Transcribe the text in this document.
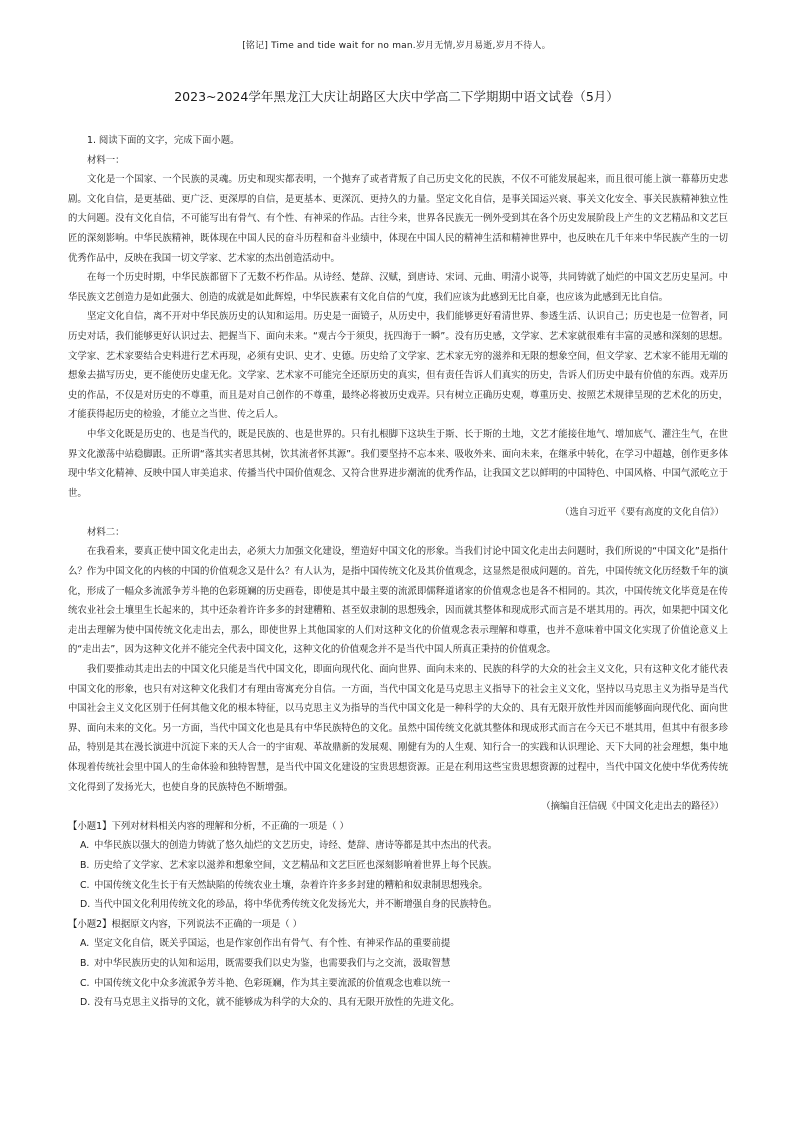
[铭记] Time and tide wait for no man.岁月无情,岁月易逝,岁月不待人。
2023~2024学年黑龙江大庆让胡路区大庆中学高二下学期期中语文试卷（5月）

1. 阅读下面的文字，完成下面小题。

材料一：

文化是一个国家、一个民族的灵魂。历史和现实都表明，一个抛弃了或者背叛了自己历史文化的民族，不仅不可能发展起来，而且很可能上演一幕幕历史悲剧。文化自信，是更基础、更广泛、更深厚的自信，是更基本、更深沉、更持久的力量。坚定文化自信，是事关国运兴衰、事关文化安全、事关民族精神独立性的大问题。没有文化自信，不可能写出有骨气、有个性、有神采的作品。古往今来，世界各民族无一例外受到其在各个历史发展阶段上产生的文艺精品和文艺巨匠的深刻影响。中华民族精神，既体现在中国人民的奋斗历程和奋斗业绩中，体现在中国人民的精神生活和精神世界中，也反映在几千年来中华民族产生的一切优秀作品中，反映在我国一切文学家、艺术家的杰出创造活动中。

在每一个历史时期，中华民族都留下了无数不朽作品。从诗经、楚辞、汉赋，到唐诗、宋词、元曲、明清小说等，共同铸就了灿烂的中国文艺历史星河。中华民族文艺创造力是如此强大、创造的成就是如此辉煌，中华民族素有文化自信的气度，我们应该为此感到无比自豪，也应该为此感到无比自信。

坚定文化自信，离不开对中华民族历史的认知和运用。历史是一面镜子，从历史中，我们能够更好看清世界、参透生活、认识自己；历史也是一位智者，同历史对话，我们能够更好认识过去、把握当下、面向未来。“观古今于须臾，抚四海于一瞬”。没有历史感，文学家、艺术家就很难有丰富的灵感和深刻的思想。文学家、艺术家要结合史料进行艺术再现，必须有史识、史才、史德。历史给了文学家、艺术家无穷的滋养和无限的想象空间，但文学家、艺术家不能用无端的想象去描写历史，更不能使历史虚无化。文学家、艺术家不可能完全还原历史的真实，但有责任告诉人们真实的历史，告诉人们历史中最有价值的东西。戏弄历史的作品，不仅是对历史的不尊重，而且是对自己创作的不尊重，最终必将被历史戏弄。只有树立正确历史观，尊重历史、按照艺术规律呈现的艺术化的历史，才能获得起历史的检验，才能立之当世、传之后人。

中华文化既是历史的、也是当代的，既是民族的、也是世界的。只有扎根脚下这块生于斯、长于斯的土地，文艺才能接住地气、增加底气、灌注生气，在世界文化激荡中站稳脚跟。正所谓“落其实者思其树，饮其流者怀其源”。我们要坚持不忘本来、吸收外来、面向未来，在继承中转化，在学习中超越，创作更多体现中华文化精神、反映中国人审美追求、传播当代中国价值观念、又符合世界进步潮流的优秀作品，让我国文艺以鲜明的中国特色、中国风格、中国气派屹立于世。

（选自习近平《要有高度的文化自信》）

材料二：

在我看来，要真正使中国文化走出去，必须大力加强文化建设，塑造好中国文化的形象。当我们讨论中国文化走出去问题时，我们所说的“中国文化”是指什么？作为中国文化的内核的中国的价值观念又是什么？有人认为，是指中国传统文化及其价值观念，这显然是很成问题的。首先，中国传统文化历经数千年的演化，形成了一幅众多流派争芳斗艳的色彩斑斓的历史画卷，即使是其中最主要的流派即儒释道诸家的价值观念也是各不相同的。其次，中国传统文化毕竟是在传统农业社会土壤里生长起来的，其中还杂着许许多多的封建糟粕、甚至奴隶制的思想残余，因而就其整体和现成形式而言是不堪其用的。再次，如果把中国文化走出去理解为使中国传统文化走出去，那么，即使世界上其他国家的人们对这种文化的价值观念表示理解和尊重，也并不意味着中国文化实现了价值论意义上的“走出去”，因为这种文化并不能完全代表中国文化，这种文化的价值观念并不是当代中国人所真正秉持的价值观念。

我们要推动其走出去的中国文化只能是当代中国文化，即面向现代化、面向世界、面向未来的、民族的科学的大众的社会主义文化，只有这种文化才能代表中国文化的形象，也只有对这种文化我们才有理由寄寓充分自信。一方面，当代中国文化是马克思主义指导下的社会主义文化，坚持以马克思主义为指导是当代中国社会主义文化区别于任何其他文化的根本特征，以马克思主义为指导的当代中国文化是一种科学的大众的、具有无限开放性并因而能够面向现代化、面向世界、面向未来的文化。另一方面，当代中国文化也是具有中华民族特色的文化。虽然中国传统文化就其整体和现成形式而言在今天已不堪其用，但其中有很多珍品，特别是其在漫长演进中沉淀下来的天人合一的宇宙观、革故鼎新的发展观、刚健有为的人生观、知行合一的实践和认识理论、天下大同的社会理想，集中地体现着传统社会里中国人的生命体验和独特智慧，是当代中国文化建设的宝贵思想资源。正是在利用这些宝贵思想资源的过程中，当代中国文化使中华优秀传统文化得到了发扬光大，也使自身的民族特色不断增强。

（摘编自汪信砚《中国文化走出去的路径》）

【小题1】下列对材料相关内容的理解和分析，不正确的一项是（ ）

A. 中华民族以强大的创造力铸就了悠久灿烂的文艺历史，诗经、楚辞、唐诗等都是其中杰出的代表。

B. 历史给了文学家、艺术家以滋养和想象空间，文艺精品和文艺巨匠也深刻影响着世界上每个民族。

C. 中国传统文化生长于有天然缺陷的传统农业土壤，杂着许许多多封建的糟粕和奴隶制思想残余。

D. 当代中国文化利用传统文化的珍品，将中华优秀传统文化发扬光大，并不断增强自身的民族特色。

【小题2】根据原文内容，下列说法不正确的一项是（ ）

A. 坚定文化自信，既关乎国运，也是作家创作出有骨气、有个性、有神采作品的重要前提

B. 对中华民族历史的认知和运用，既需要我们以史为鉴，也需要我们与之交流，汲取智慧

C. 中国传统文化中众多流派争芳斗艳、色彩斑斓，作为其主要流派的价值观念也难以统一

D. 没有马克思主义指导的文化，就不能够成为科学的大众的、具有无限开放性的先进文化。
